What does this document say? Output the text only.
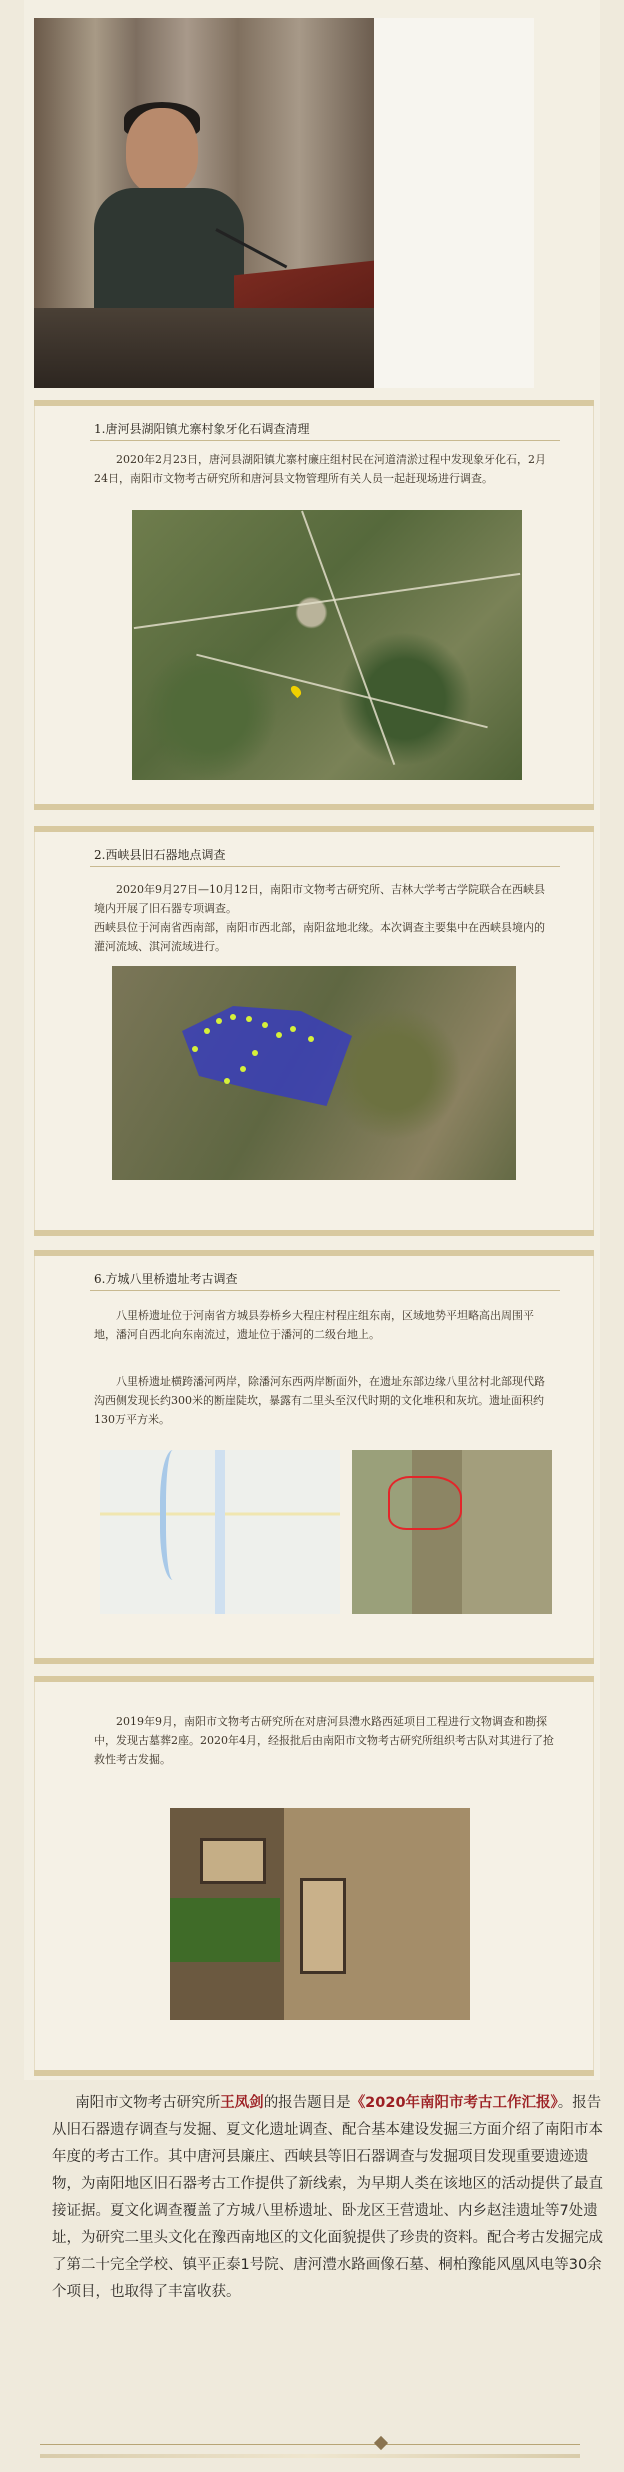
1.唐河县湖阳镇尤寨村象牙化石调查清理
2020年2月23日，唐河县湖阳镇尤寨村廉庄组村民在河道清淤过程中发现象牙化石，2月24日，南阳市文物考古研究所和唐河县文物管理所有关人员一起赶现场进行调查。
2.西峡县旧石器地点调查
2020年9月27日—10月12日，南阳市文物考古研究所、吉林大学考古学院联合在西峡县境内开展了旧石器专项调查。
西峡县位于河南省西南部，南阳市西北部，南阳盆地北缘。本次调查主要集中在西峡县境内的灌河流域、淇河流域进行。
6.方城八里桥遗址考古调查
八里桥遗址位于河南省方城县券桥乡大程庄村程庄组东南，区域地势平坦略高出周围平地，潘河自西北向东南流过，遗址位于潘河的二级台地上。
八里桥遗址横跨潘河两岸，除潘河东西两岸断面外，在遗址东部边缘八里岔村北部现代路沟西侧发现长约300米的断崖陡坎，暴露有二里头至汉代时期的文化堆积和灰坑。遗址面积约130万平方米。
2019年9月，南阳市文物考古研究所在对唐河县澧水路西延项目工程进行文物调查和勘探中，发现古墓葬2座。2020年4月，经报批后由南阳市文物考古研究所组织考古队对其进行了抢救性考古发掘。
南阳市文物考古研究所王凤剑的报告题目是《2020年南阳市考古工作汇报》。报告从旧石器遗存调查与发掘、夏文化遗址调查、配合基本建设发掘三方面介绍了南阳市本年度的考古工作。其中唐河县廉庄、西峡县等旧石器调查与发掘项目发现重要遗迹遗物，为南阳地区旧石器考古工作提供了新线索，为早期人类在该地区的活动提供了最直接证据。夏文化调查覆盖了方城八里桥遗址、卧龙区王营遗址、内乡赵洼遗址等7处遗址，为研究二里头文化在豫西南地区的文化面貌提供了珍贵的资料。配合考古发掘完成了第二十完全学校、镇平正泰1号院、唐河澧水路画像石墓、桐柏豫能风凰风电等30余个项目，也取得了丰富收获。
